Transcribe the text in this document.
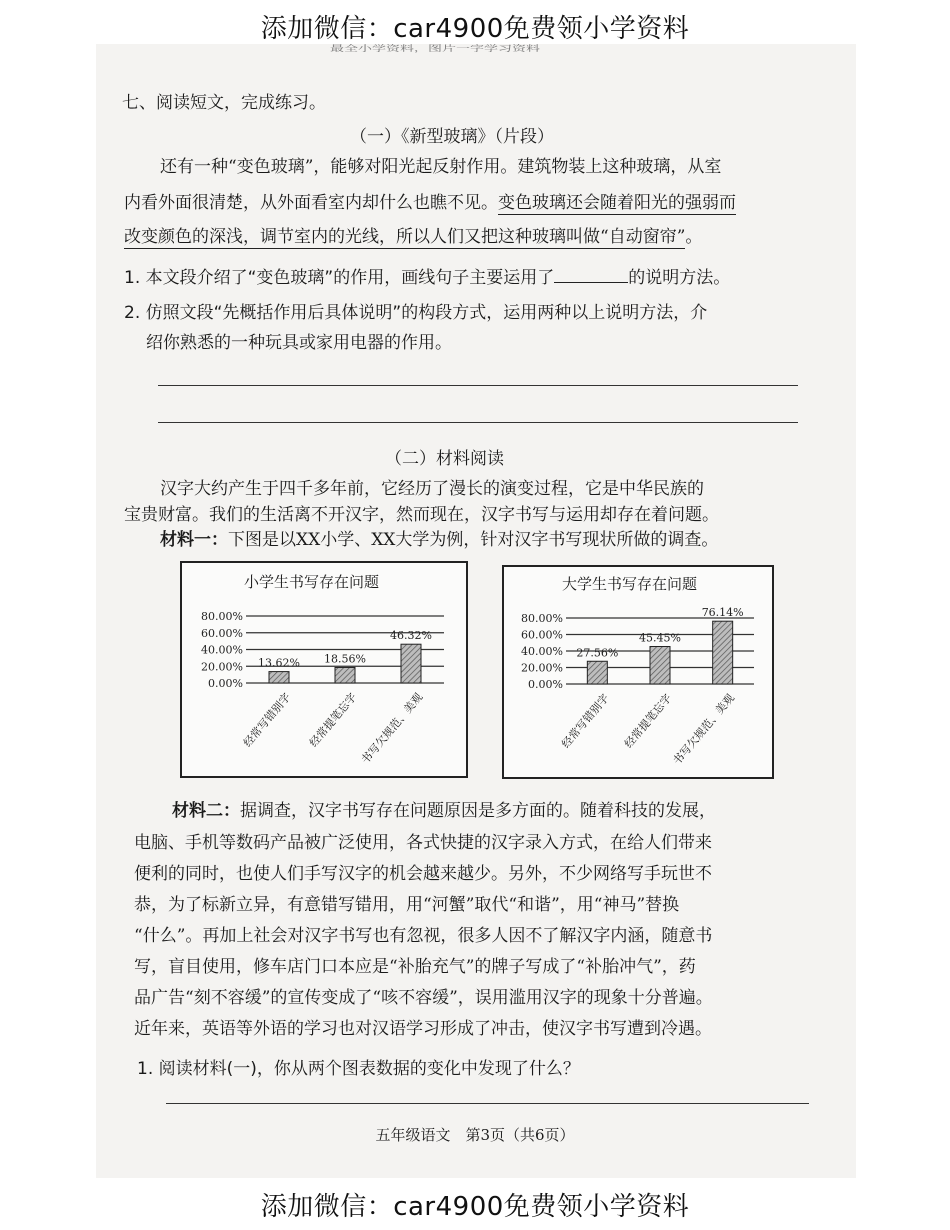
添加微信：car4900免费领小学资料
最全小学资料，图片一字学习资料
七、阅读短文，完成练习。
（一）《新型玻璃》（片段）
还有一种“变色玻璃”，能够对阳光起反射作用。建筑物装上这种玻璃，从室
内看外面很清楚，从外面看室内却什么也瞧不见。变色玻璃还会随着阳光的强弱而
改变颜色的深浅，调节室内的光线，所以人们又把这种玻璃叫做“自动窗帘”。
1. 本文段介绍了“变色玻璃”的作用，画线句子主要运用了	的说明方法。
2. 仿照文段“先概括作用后具体说明”的构段方式，运用两种以上说明方法，介
绍你熟悉的一种玩具或家用电器的作用。
（二）材料阅读
汉字大约产生于四千多年前，它经历了漫长的演变过程，它是中华民族的
宝贵财富。我们的生活离不开汉字，然而现在，汉字书写与运用却存在着问题。
材料一：下图是以XX小学、XX大学为例，针对汉字书写现状所做的调查。
小学生书写存在问题
80.00%
60.00%
40.00%
20.00%
0.00%
13.62%
经常写错别字
18.56%
经常提笔忘字
46.32%
书写欠规范、美观
大学生书写存在问题
80.00%
60.00%
40.00%
20.00%
0.00%
27.56%
经常写错别字
45.45%
经常提笔忘字
76.14%
书写欠规范、美观
材料二：据调查，汉字书写存在问题原因是多方面的。随着科技的发展，
电脑、手机等数码产品被广泛使用，各式快捷的汉字录入方式，在给人们带来
便利的同时，也使人们手写汉字的机会越来越少。另外，不少网络写手玩世不
恭，为了标新立异，有意错写错用，用“河蟹”取代“和谐”，用“神马”替换
“什么”。再加上社会对汉字书写也有忽视，很多人因不了解汉字内涵，随意书
写，盲目使用，修车店门口本应是“补胎充气”的牌子写成了“补胎冲气”，药
品广告“刻不容缓”的宣传变成了“咳不容缓”，误用滥用汉字的现象十分普遍。
近年来，英语等外语的学习也对汉语学习形成了冲击，使汉字书写遭到冷遇。
1. 阅读材料(一)，你从两个图表数据的变化中发现了什么？
五年级语文　第3页（共6页）
添加微信：car4900免费领小学资料
